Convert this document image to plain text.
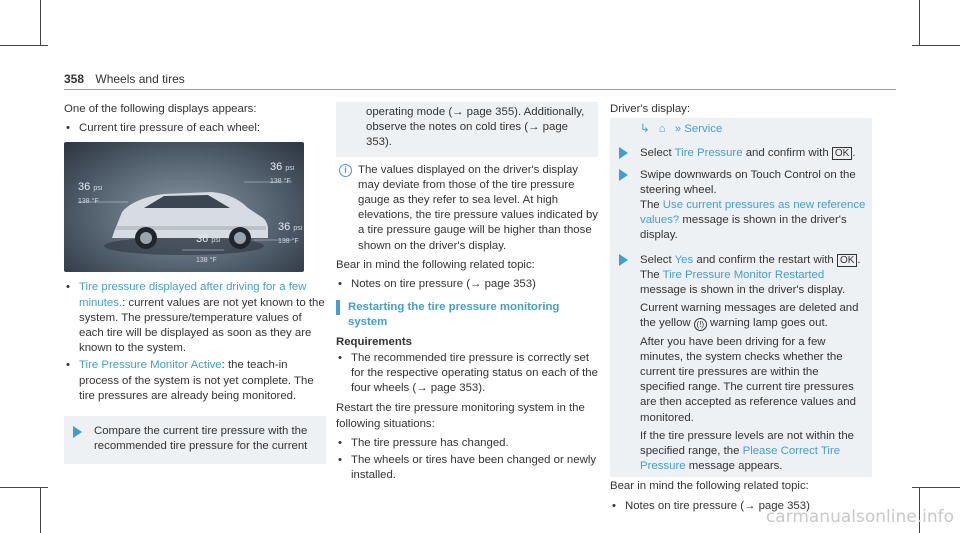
358 Wheels and tires

One of the following displays appears:

• Current tire pressure of each wheel:
36 psi
138 °F
36 psi
138 °F
36 psi
138 °F
36 psi
138 °F
• Tire pressure displayed after driving for a few minutes.: current values are not yet known to the system. The pressure/temperature values of each tire will be displayed as soon as they are known to the system.
• Tire Pressure Monitor Active: the teach-in process of the system is not yet complete. The tire pressures are already being monitored.
Compare the current tire pressure with the recommended tire pressure for the current
operating mode (→ page 355). Additionally, observe the notes on cold tires (→ page 353).
i The values displayed on the driver's display may deviate from those of the tire pressure gauge as they refer to sea level. At high elevations, the tire pressure values indicated by a tire pressure gauge will be higher than those shown on the driver's display.

Bear in mind the following related topic:

• Notes on tire pressure (→ page 353)
Restarting the tire pressure monitoring system

Requirements

• The recommended tire pressure is correctly set for the respective operating status on each of the four wheels (→ page 353).

Restart the tire pressure monitoring system in the following situations:

• The tire pressure has changed.
• The wheels or tires have been changed or newly installed.

Driver's display:

↳ ⌂ » Service
Select Tire Pressure and confirm with OK .
Swipe downwards on Touch Control on the steering wheel.
The Use current pressures as new reference values? message is shown in the driver's display.
Select Yes and confirm the restart with OK .
The Tire Pressure Monitor Restarted message is shown in the driver's display.
Current warning messages are deleted and the yellow (!) warning lamp goes out.
After you have been driving for a few minutes, the system checks whether the current tire pressures are within the specified range. The current tire pressures are then accepted as reference values and monitored.
If the tire pressure levels are not within the specified range, the Please Correct Tire Pressure message appears.

Bear in mind the following related topic:

• Notes on tire pressure (→ page 353)
carmanualsonline.info
